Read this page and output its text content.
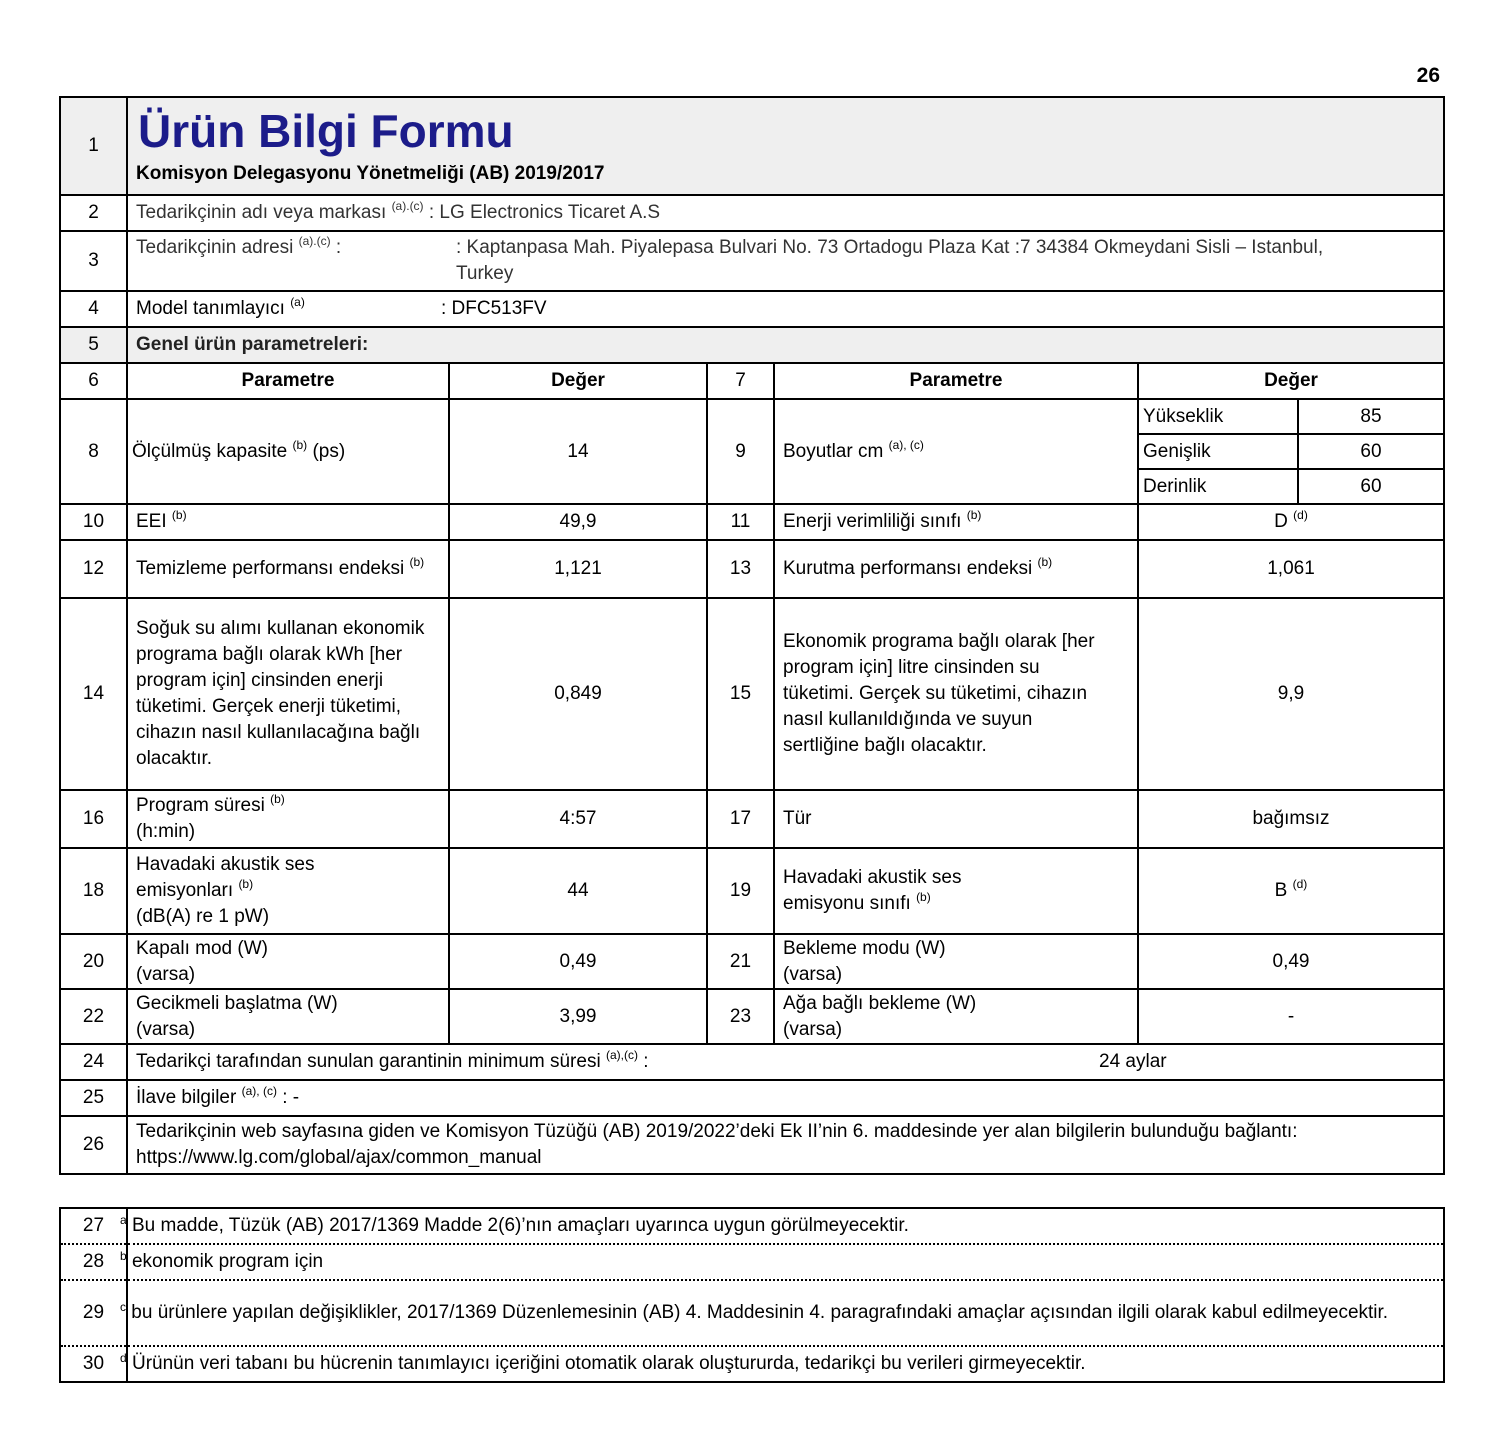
26
1	Ürün Bilgi Formu
Komisyon Delegasyonu Yönetmeliği (AB) 2019/2017					

2	Tedarikçinin adı veya markası $^{(a).(c)}$ : LG Electronics Ticaret A.S					
3	Tedarikçinin adresi $^{(a).(c)}$ : : Kaptanpasa Mah. Piyalepasa Bulvari No. 73 Ortadogu Plaza Kat :7 34384 Okmeydani Sisli – Istanbul, Turkey					

4	Model tanımlayıcı $^{(a)}$ : DFC513FV					

5	Genel ürün parametreleri:					
6	Parametre	Değer	7	Parametre	Değer	
8	Ölçülmüş kapasite $^{(b)}$ (ps)	14	9	Boyutlar cm $^{(a), (c)}$	Yükseklik	85
					Genişlik	60
					Derinlik	60
10	EEI $^{(b)}$	49,9	11	Enerji verimliliği sınıfı $^{(b)}$	D $^{(d)}$
12	Temizleme performansı endeksi $^{(b)}$	1,121	13	Kurutma performansı endeksi $^{(b)}$	1,061	
14	Soğuk su alımı kullanan ekonomik programa bağlı olarak kWh [her program için] cinsinden enerji tüketimi. Gerçek enerji tüketimi, cihazın nasıl kullanılacağına bağlı olacaktır.	0,849	15	Ekonomik programa bağlı olarak [her program için] litre cinsinden su tüketimi. Gerçek su tüketimi, cihazın nasıl kullanıldığında ve suyun sertliğine bağlı olacaktır.	9,9	
16	Program süresi $^{(b)}$
(h:min)	4:57	17	Tür	bağımsız	
18	Havadaki akustik ses emisyonları $^{(b)}$
(dB(A) re 1 pW)	44	19	Havadaki akustik ses emisyonu sınıfı $^{(b)}$	B $^{(d)}$
20	Kapalı mod (W)
(varsa)	0,49	21	Bekleme modu (W)
(varsa)	0,49	
22	Gecikmeli başlatma (W)
(varsa)	3,99	23	Ağa bağlı bekleme (W)
(varsa)	-	
24	Tedarikçi tarafından sunulan garantinin minimum süresi $^{(a),(c)}$ : 24 aylar					

25	İlave bilgiler $^{(a), (c)}$ : -					
26	Tedarikçinin web sayfasına giden ve Komisyon Tüzüğü (AB) 2019/2022’deki Ek II’nin 6. maddesinde yer alan bilgilerin bulunduğu bağlantı: https://www.lg.com/global/ajax/common_manual					
27	$^a$ Bu madde, Tüzük (AB) 2017/1369 Madde 2(6)’nın amaçları uyarınca uygun görülmeyecektir.
28	$^b$ ekonomik program için
29	$^c$ bu ürünlere yapılan değişiklikler, 2017/1369 Düzenlemesinin (AB) 4. Maddesinin 4. paragrafındaki amaçlar açısından ilgili olarak kabul edilmeyecektir.
30	$^d$ Ürünün veri tabanı bu hücrenin tanımlayıcı içeriğini otomatik olarak oluştururda, tedarikçi bu verileri girmeyecektir.
